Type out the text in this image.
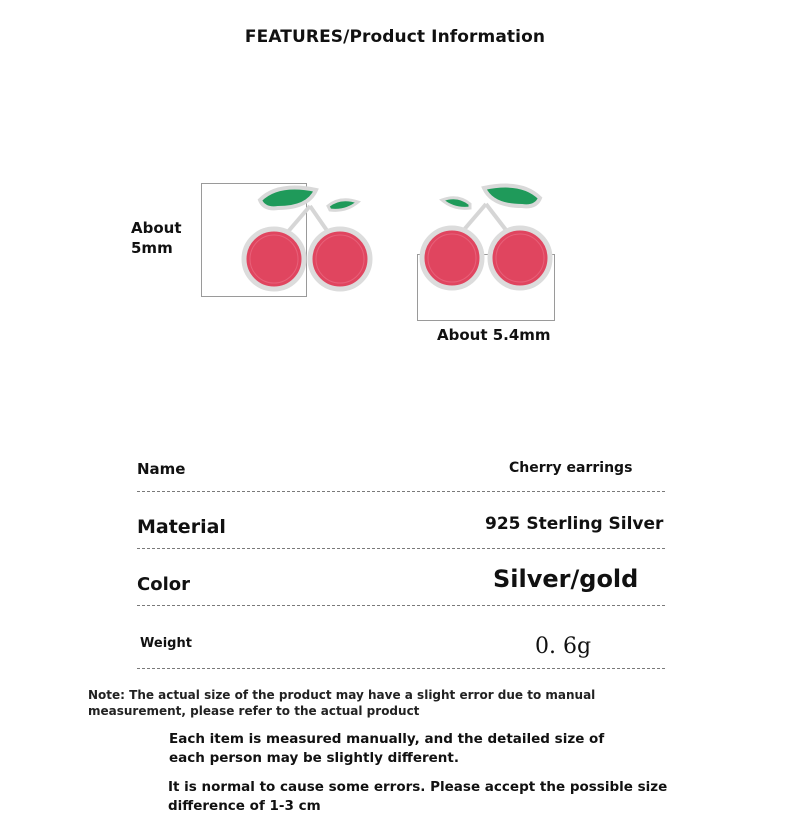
FEATURES/Product Information
About
5mm
About 5.4mm
Name	Cherry earrings
Material	925 Sterling Silver
Color	Silver/gold
Weight	0. 6g
Note: The actual size of the product may have a slight error due to manual measurement, please refer to the actual product
Each item is measured manually, and the detailed size of each person may be slightly different.
It is normal to cause some errors. Please accept the possible size difference of 1-3 cm
